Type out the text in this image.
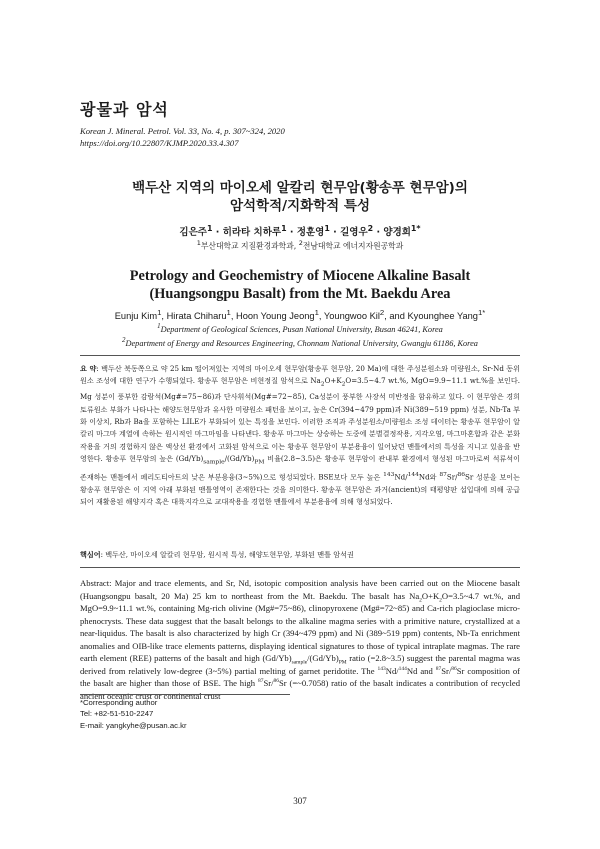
광물과 암석
Korean J. Mineral. Petrol. Vol. 33, No. 4, p. 307~324, 2020
https://doi.org/10.22807/KJMP.2020.33.4.307
백두산 지역의 마이오세 알칼리 현무암(황송푸 현무암)의
암석학적/지화학적 특성
김은주$^1$ · 히라타 치하루$^1$ · 정훈영$^1$ · 길영우$^2$ · 양경희$^{1*}$
$^1$부산대학교 지질환경과학과, $^2$전남대학교 에너지자원공학과
Petrology and Geochemistry of Miocene Alkaline Basalt
(Huangsongpu Basalt) from the Mt. Baekdu Area
Eunju Kim$^1$, Hirata Chiharu$^1$, Hoon Young Jeong$^1$, Youngwoo Kil$^2$, and Kyounghee Yang$^{1*}$
$^1$Department of Geological Sciences, Pusan National University, Busan 46241, Korea
$^2$Department of Energy and Resources Engineering, Chonnam National University, Gwangju 61186, Korea

요 약: 백두산 북동쪽으로 약 25 km 떨어져있는 지역의 마이오세 현무암(황송푸 현무암, 20 Ma)에 대한 주성분원소와 미량원소, Sr-Nd 동위원소 조성에 대한 연구가 수행되었다. 황송푸 현무암은 비현정질 암석으로 $Na_2O+K_2O=3.5\sim 4.7$ wt.%, MgO=9.9~11.1 wt.%을 보인다. Mg 성분이 풍부한 감람석(Mg#=75~86)과 단사휘석(Mg#=72~85), Ca성분이 풍부한 사장석 미반정을 함유하고 있다. 이 현무암은 경희토류원소 부화가 나타나는 해양도현무암과 유사한 미량원소 패턴을 보이고, 높은 Cr(394~479 ppm)과 Ni(389~519 ppm) 성분, Nb-Ta 부화 이상치, Rb과 Ba을 포함하는 LILE가 부화되어 있는 특징을 보인다. 이러한 조직과 주성분원소/미량원소 조성 데이터는 황송푸 현무암이 알칼리 마그마 계열에 속하는 원시적인 마그마임을 나타낸다. 황송푸 마그마는 상승하는 도중에 분별결정작용, 지각오염, 마그마혼합과 같은 분화작용을 거의 경험하지 않은 액상선 환경에서 고화된 암석으로 이는 황송푸 현무암이 부분용융이 일어났던 맨틀에서의 특성을 지니고 있음을 반영한다. 황송푸 현무암의 높은 $(Gd/Yb)_{sample}/(Gd/Yb)_{PM}$ 비율(2.8~3.5)은 황송푸 현무암이 관내부 환경에서 형성된 마그마로써 석류석이 존재하는 맨틀에서 페리도티아트의 낮은 부분용융(3~5%)으로 형성되었다. BSE보다 모두 높은 $^{143}$Nd/$^{144}$Nd와 $^{87}$Sr/$^{86}$Sr 성분을 보이는 황송푸 현무암은 이 지역 아래 부화된 맨틀영역이 존재한다는 것을 의미한다. 황송푸 현무암은 과거(ancient)의 태평양판 섭입대에 의해 공급되어 재활용된 해양지각 혹은 대륙지각으로 교대작용을 경험한 맨틀에서 부분용융에 의해 형성되었다.

핵심어: 백두산, 마이오세 알칼리 현무암, 원시적 특성, 해양도현무암, 부화된 맨틀 암석권

Abstract: Major and trace elements, and Sr, Nd, isotopic composition analysis have been carried out on the Miocene basalt (Huangsongpu basalt, 20 Ma) 25 km to northeast from the Mt. Baekdu. The basalt has $Na_2O+K_2O=3.5\sim 4.7$ wt.%, and MgO=9.9~11.1 wt.%, containing Mg-rich olivine (Mg#=75~86), clinopyroxene (Mg#=72~85) and Ca-rich plagioclase micro-phenocrysts. These data suggest that the basalt belongs to the alkaline magma series with a primitive nature, crystallized at a near-liquidus. The basalt is also characterized by high Cr (394~479 ppm) and Ni (389~519 ppm) contents, Nb-Ta enrichment anomalies and OIB-like trace elements patterns, displaying identical signatures to those of typical intraplate magmas. The rare earth element (REE) patterns of the basalt and high $(Gd/Yb)_{sample}/(Gd/Yb)_{PM}$ ratio (=2.8~3.5) suggest the parental magma was derived from relatively low-degree (3~5%) partial melting of garnet peridotite. The $^{143}$Nd/$^{144}$Nd and $^{87}$Sr/$^{86}$Sr composition of the basalt are higher than those of BSE. The high $^{87}$Sr/$^{86}$Sr (=~0.7058) ratio of the basalt indicates a contribution of recycled ancient oceanic crust or continental crust

*Corresponding author
Tel: +82-51-510-2247
E-mail: yangkyhe@pusan.ac.kr
307
